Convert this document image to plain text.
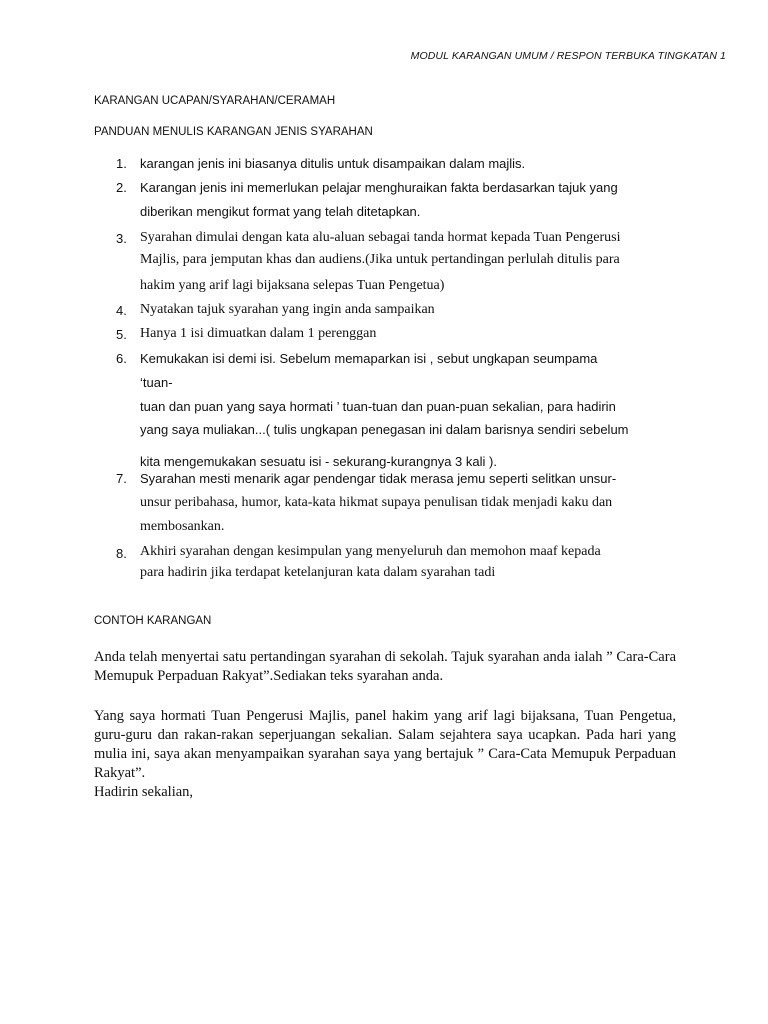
MODUL KARANGAN UMUM / RESPON TERBUKA TINGKATAN 1
KARANGAN UCAPAN/SYARAHAN/CERAMAH
PANDUAN MENULIS KARANGAN JENIS SYARAHAN
1.	karangan jenis ini biasanya ditulis untuk disampaikan dalam majlis.
2.	Karangan jenis ini memerlukan pelajar menghuraikan fakta berdasarkan tajuk yang
diberikan mengikut format yang telah ditetapkan.
3. Syarahan dimulai dengan kata alu-aluan sebagai tanda hormat kepada Tuan Pengerusi
Majlis, para jemputan khas dan audiens.(Jika untuk pertandingan perlulah ditulis para
hakim yang arif lagi bijaksana selepas Tuan Pengetua)
4. Nyatakan tajuk syarahan yang ingin anda sampaikan
5. Hanya 1 isi dimuatkan dalam 1 perenggan
6.	Kemukakan isi demi isi. Sebelum memaparkan isi , sebut ungkapan seumpama
‘tuan-
tuan dan puan yang saya hormati ’ tuan-tuan dan puan-puan sekalian, para hadirin
yang saya muliakan...( tulis ungkapan penegasan ini dalam barisnya sendiri sebelum
kita mengemukakan sesuatu isi - sekurang-kurangnya 3 kali ).
7.	Syarahan mesti menarik agar pendengar tidak merasa jemu seperti selitkan unsur-
unsur peribahasa, humor, kata-kata hikmat supaya penulisan tidak menjadi kaku dan
membosankan.
8. Akhiri syarahan dengan kesimpulan yang menyeluruh dan memohon maaf kepada
para hadirin jika terdapat ketelanjuran kata dalam syarahan tadi
CONTOH KARANGAN

Anda telah menyertai satu pertandingan syarahan di sekolah. Tajuk syarahan anda ialah ” Cara-Cara Memupuk Perpaduan Rakyat”.Sediakan teks syarahan anda.

Yang saya hormati Tuan Pengerusi Majlis, panel hakim yang arif lagi bijaksana, Tuan Pengetua, guru-guru dan rakan-rakan seperjuangan sekalian. Salam sejahtera saya ucapkan. Pada hari yang mulia ini, saya akan menyampaikan syarahan saya yang bertajuk ” Cara-Cata Memupuk Perpaduan Rakyat”.

Hadirin sekalian,
